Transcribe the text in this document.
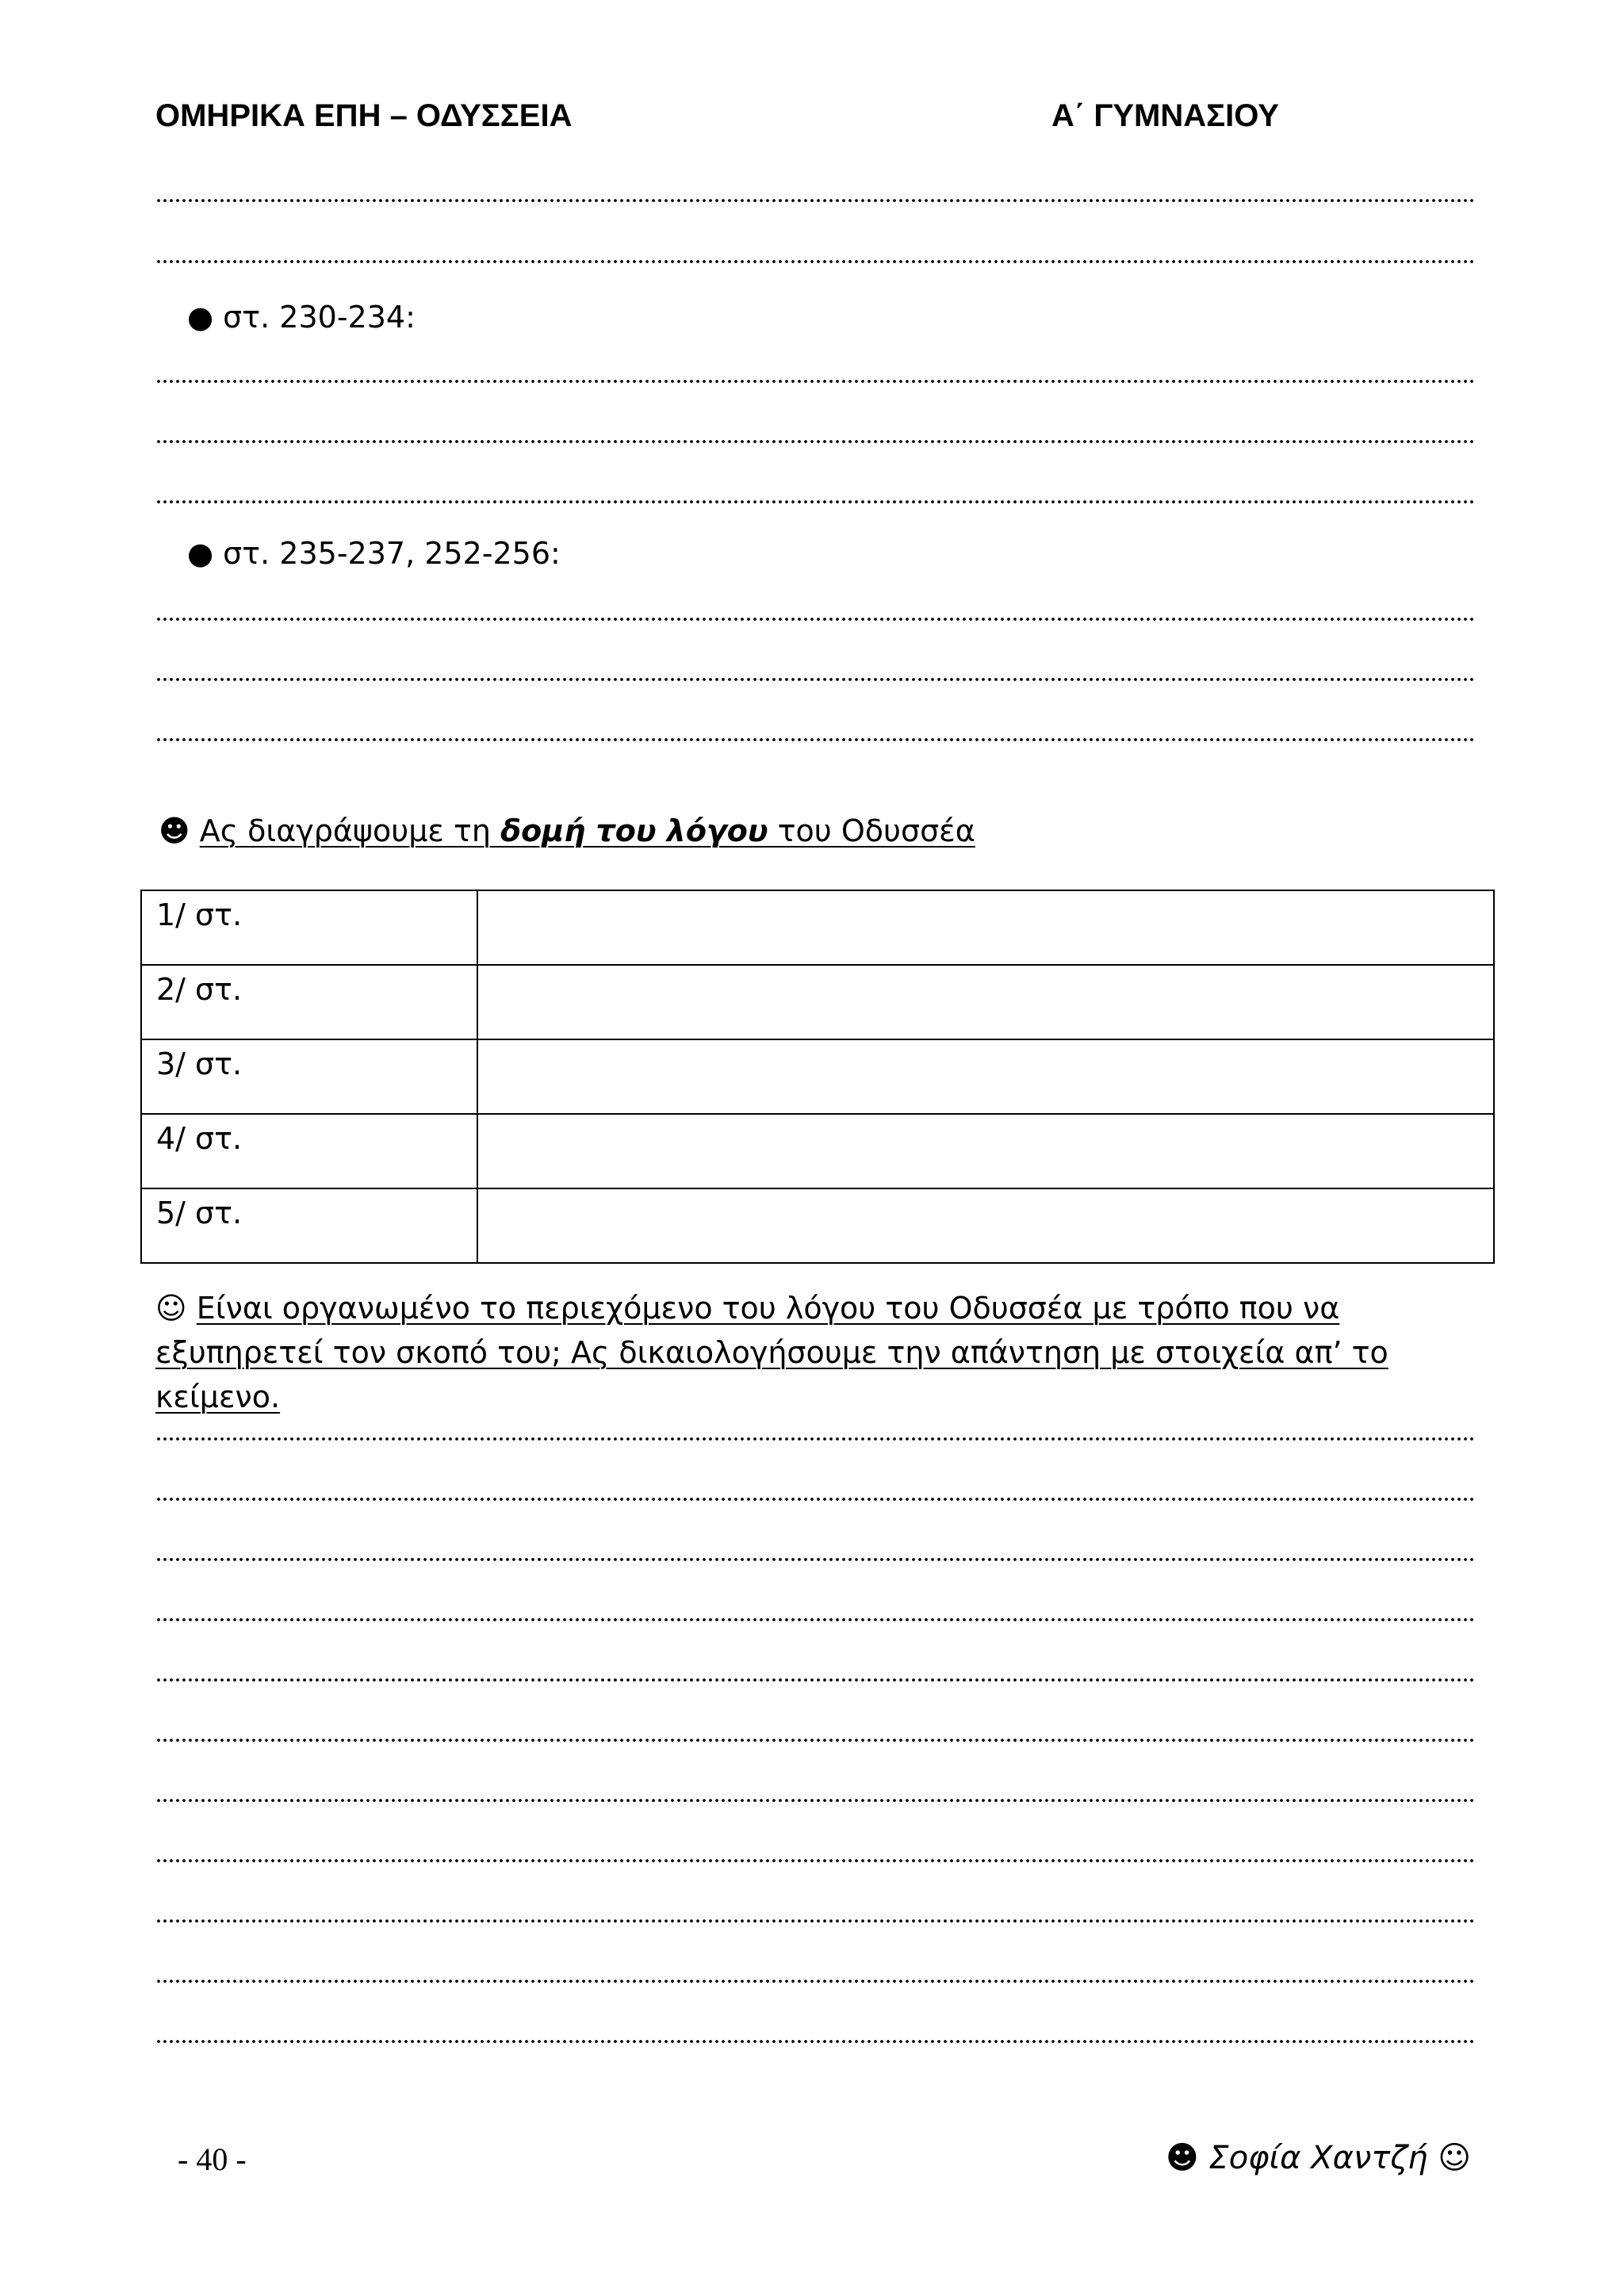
ΟΜΗΡΙΚΑ ΕΠΗ – ΟΔΥΣΣΕΙΑ	Α΄ ΓΥΜΝΑΣΙΟΥ
● στ. 230-234:
● στ. 235-237, 252-256:
☻ Ας διαγράψουμε τη δομή του λόγου του Οδυσσέα
1/ στ.	
2/ στ.	
3/ στ.	
4/ στ.	
5/ στ.	
☺ Είναι οργανωμένο το περιεχόμενο του λόγου του Οδυσσέα με τρόπο που να εξυπηρετεί τον σκοπό του; Ας δικαιολογήσουμε την απάντηση με στοιχεία απ’ το κείμενο.
- 40 -	☻ Σοφία Χαντζή ☺
